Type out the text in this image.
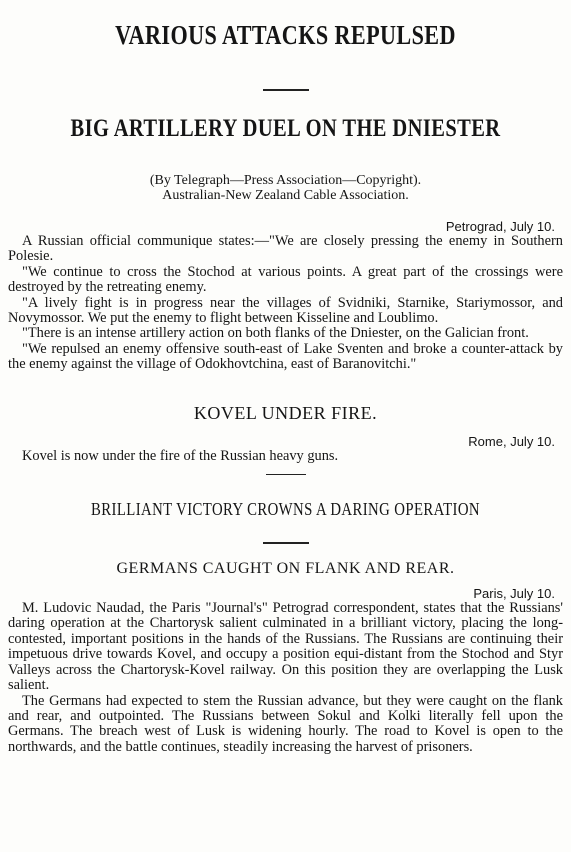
VARIOUS ATTACKS REPULSED
BIG ARTILLERY DUEL ON THE DNIESTER
(By Telegraph—Press Association—Copyright).
Australian-New Zealand Cable Association.
Petrograd, July 10.

A Russian official communique states:—"We are closely pressing the enemy in Southern Polesie.

"We continue to cross the Stochod at various points. A great part of the crossings were destroyed by the retreating enemy.

"A lively fight is in progress near the villages of Svidniki, Starnike, Stariymossor, and Novymossor. We put the enemy to flight between Kisseline and Loublimo.

"There is an intense artillery action on both flanks of the Dniester, on the Galician front.

"We repulsed an enemy offensive south-east of Lake Sventen and broke a counter-attack by the enemy against the village of Odokhovtchina, east of Baranovitchi."

KOVEL UNDER FIRE.
Rome, July 10.

Kovel is now under the fire of the Russian heavy guns.

BRILLIANT VICTORY CROWNS A DARING OPERATION
GERMANS CAUGHT ON FLANK AND REAR.
Paris, July 10.

M. Ludovic Naudad, the Paris "Journal's" Petrograd correspondent, states that the Russians' daring operation at the Chartorysk salient culminated in a brilliant victory, placing the long-contested, important positions in the hands of the Russians. The Russians are continuing their impetuous drive towards Kovel, and occupy a position equi-distant from the Stochod and Styr Valleys across the Chartorysk-Kovel railway. On this position they are overlapping the Lusk salient.

The Germans had expected to stem the Russian advance, but they were caught on the flank and rear, and outpointed. The Russians between Sokul and Kolki literally fell upon the Germans. The breach west of Lusk is widening hourly. The road to Kovel is open to the northwards, and the battle continues, steadily increasing the harvest of prisoners.
